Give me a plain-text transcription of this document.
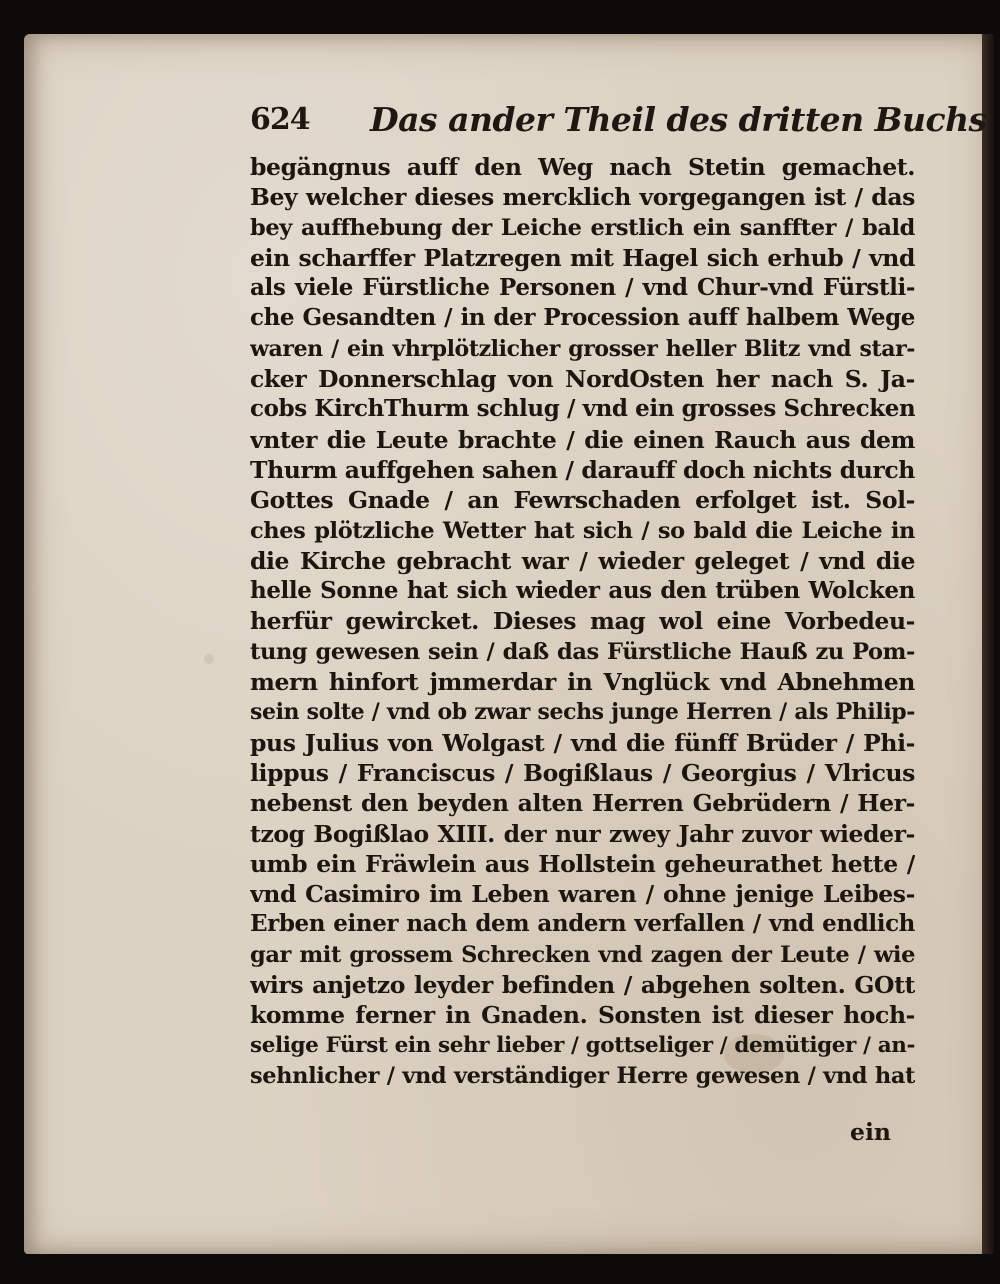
624 Das ander Theil des dritten Buchs
begängnus auff den Weg nach Stetin gemachet.
Bey welcher dieses mercklich vorgegangen ist / das
bey auffhebung der Leiche erstlich ein sanffter / bald
ein scharffer Platzregen mit Hagel sich erhub / vnd
als viele Fürstliche Personen / vnd Chur-vnd Fürstli-
che Gesandten / in der Procession auff halbem Wege
waren / ein vhrplötzlicher grosser heller Blitz vnd star-
cker Donnerschlag von NordOsten her nach S. Ja-
cobs KirchThurm schlug / vnd ein grosses Schrecken
vnter die Leute brachte / die einen Rauch aus dem
Thurm auffgehen sahen / darauff doch nichts durch
Gottes Gnade / an Fewrschaden erfolget ist. Sol-
ches plötzliche Wetter hat sich / so bald die Leiche in
die Kirche gebracht war / wieder geleget / vnd die
helle Sonne hat sich wieder aus den trüben Wolcken
herfür gewircket. Dieses mag wol eine Vorbedeu-
tung gewesen sein / daß das Fürstliche Hauß zu Pom-
mern hinfort jmmerdar in Vnglück vnd Abnehmen
sein solte / vnd ob zwar sechs junge Herren / als Philip-
pus Julius von Wolgast / vnd die fünff Brüder / Phi-
lippus / Franciscus / Bogißlaus / Georgius / Vlricus
nebenst den beyden alten Herren Gebrüdern / Her-
tzog Bogißlao XIII. der nur zwey Jahr zuvor wieder-
umb ein Fräwlein aus Hollstein geheurathet hette /
vnd Casimiro im Leben waren / ohne jenige Leibes-
Erben einer nach dem andern verfallen / vnd endlich
gar mit grossem Schrecken vnd zagen der Leute / wie
wirs anjetzo leyder befinden / abgehen solten. GOtt
komme ferner in Gnaden. Sonsten ist dieser hoch-
selige Fürst ein sehr lieber / gottseliger / demütiger / an-
sehnlicher / vnd verständiger Herre gewesen / vnd hat
ein
